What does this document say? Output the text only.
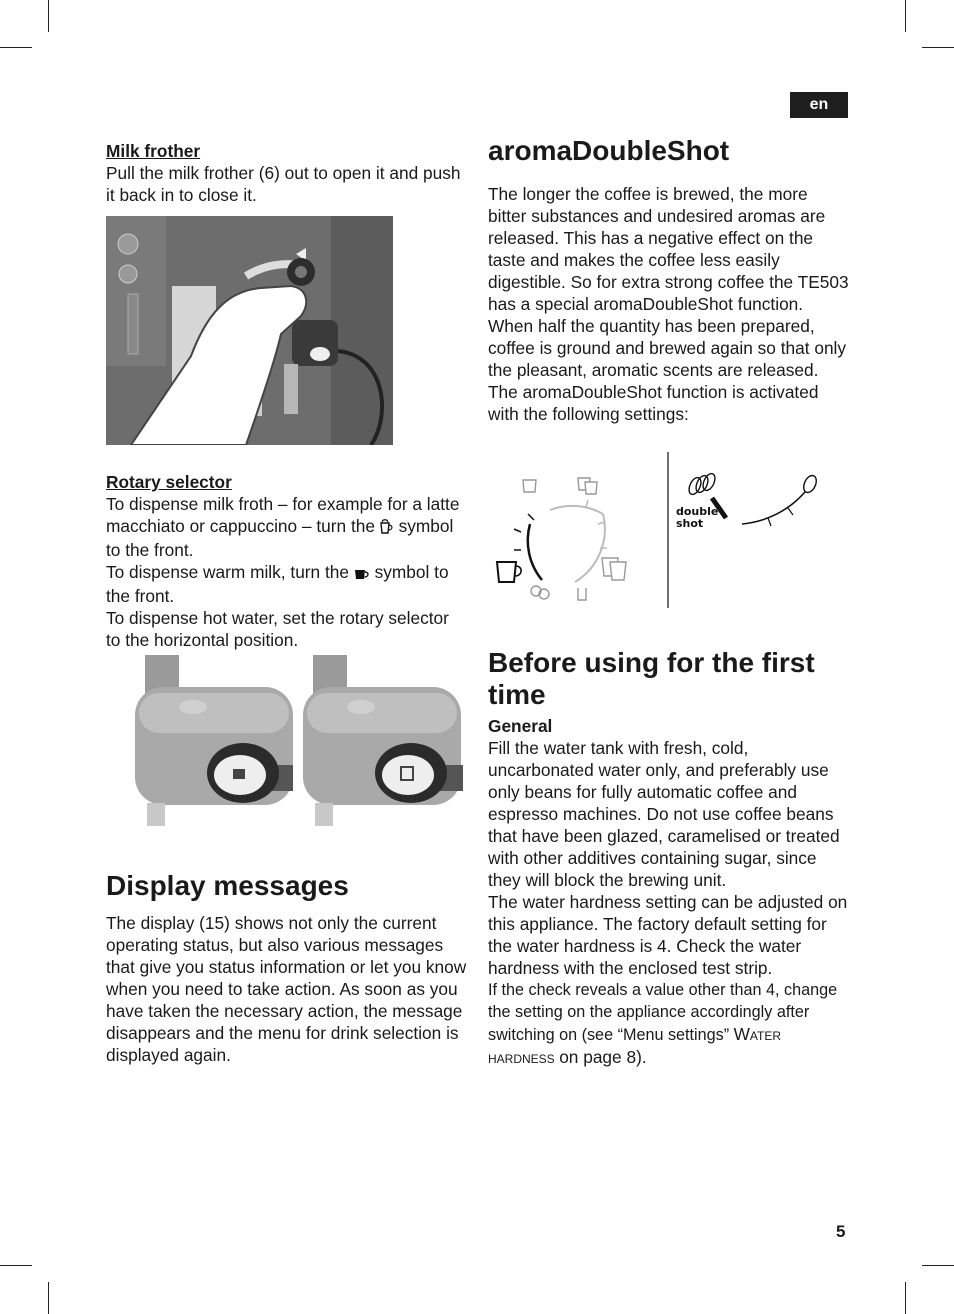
en

Milk frother

Pull the milk frother (6) out to open it and push it back in to close it.

Rotary selector

To dispense milk froth – for example for a latte macchiato or cappuccino – turn the symbol to the front.

To dispense warm milk, turn the symbol to the front.

To dispense hot water, set the rotary selector to the horizontal position.

Display messages

The display (15) shows not only the current operating status, but also various messages that give you status information or let you know when you need to take action. As soon as you have taken the necessary action, the message disappears and the menu for drink selection is displayed again.

aromaDoubleShot

The longer the coffee is brewed, the more bitter substances and undesired aromas are released. This has a negative effect on the taste and makes the coffee less easily digestible. So for extra strong coffee the TE503 has a special aromaDoubleShot function. When half the quantity has been prepared, coffee is ground and brewed again so that only the pleasant, aromatic scents are released.

The aromaDoubleShot function is activated with the following settings:

double
shot
Before using for the first time

General

Fill the water tank with fresh, cold, uncarbonated water only, and preferably use only beans for fully automatic coffee and espresso machines. Do not use coffee beans that have been glazed, caramelised or treated with other additives containing sugar, since they will block the brewing unit.

The water hardness setting can be adjusted on this appliance. The factory default setting for the water hardness is 4. Check the water hardness with the enclosed test strip.

If the check reveals a value other than 4, change the setting on the appliance accordingly after switching on (see “Menu settings” Water hardness on page 8).

5
